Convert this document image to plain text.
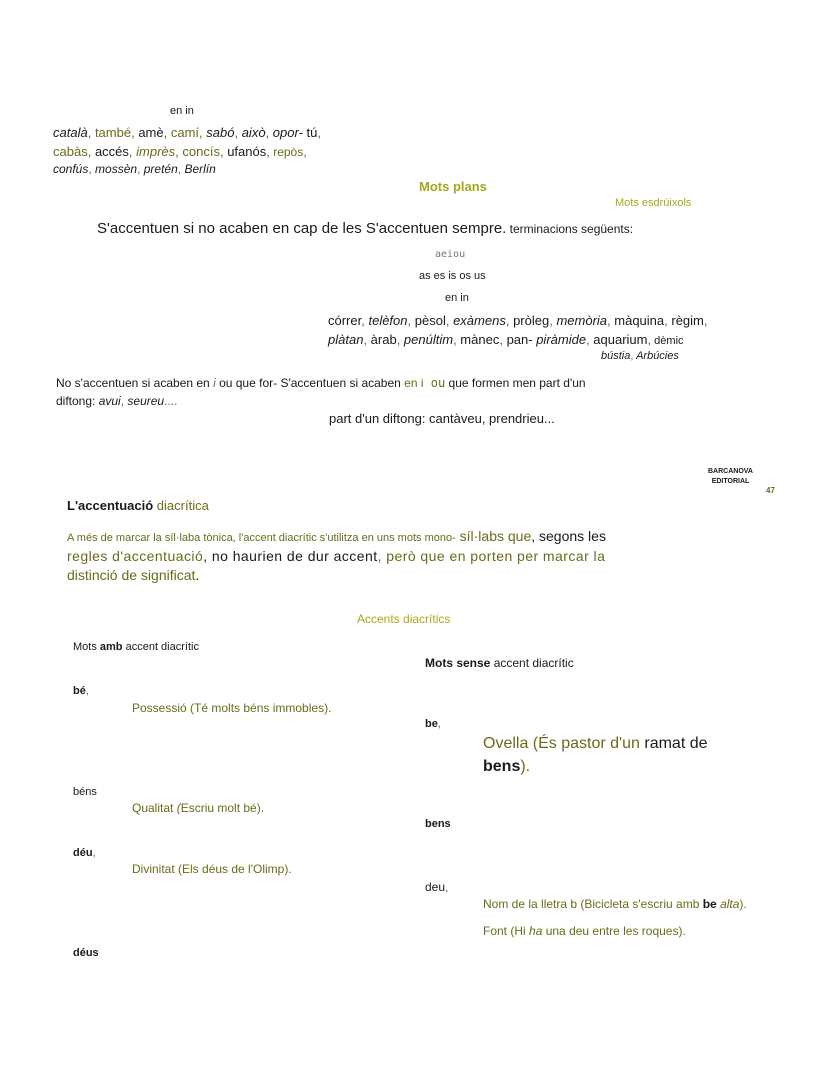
en in
català, també, amè, camí, sabó, això, opor- tú,
cabàs, accés, imprès, concís, ufanós, repòs,
confús, mossèn, pretén, Berlín
Mots plans
Mots esdrúixols
S'accentuen si no acaben en cap de les S'accentuen sempre. terminacions següents:
aeiou
as es is os us
en in
córrer, telèfon, pèsol, exàmens, pròleg, memòria, màquina, règim,
plàtan, àrab, penúltim, mànec, pan- piràmide, aquarium, dèmic
bústia, Arbúcies
No s'accentuen si acaben en i ou que for- S'accentuen si acaben en i ou que formen men part d'un
diftong: avui, seureu....
part d'un diftong: cantàveu, prendrieu...
BARCANOVA
EDITORIAL
47
L'accentuació diacrítica
A més de marcar la síl·laba tònica, l'accent diacrític s'utilitza en uns mots mono- síl·labs que, segons les
regles d'accentuació, no haurien de dur accent, però que en porten per marcar la
distinció de significat.
Accents diacrítics
Mots amb accent diacrític
Mots sense accent diacrític
bé,
Possessió (Té molts béns immobles).
be,
Ovella (És pastor d'un ramat de
bens).
béns
Qualitat (Escriu molt bé).
bens
déu,
Divinitat (Els déus de l'Olimp).
deu,
Nom de la lletra b (Bicicleta s'escriu amb be alta).
Font (Hi ha una deu entre les roques).
déus
